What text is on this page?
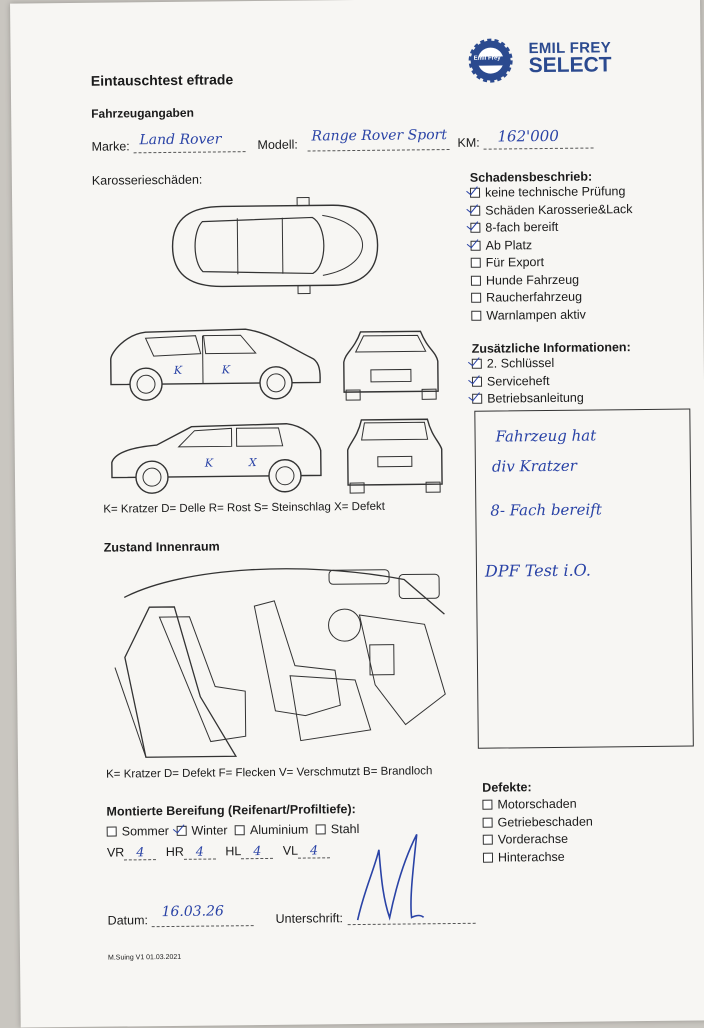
Emil Frey
EMIL FREY
SELECT
Eintauschtest eftrade
Fahrzeugangaben
Marke: Land Rover	Modell:
Range Rover Sport KM: 162'000
Karosserieschäden:
K	K
K	X
K= Kratzer D= Delle R= Rost S= Steinschlag X= Defekt
Schadensbeschrieb:
keine technische Prüfung
Schäden Karosserie&Lack
8-fach bereift
Ab Platz
Für Export
Hunde Fahrzeug
Raucherfahrzeug
Warnlampen aktiv
Zusätzliche Informationen:
2. Schlüssel
Serviceheft
Betriebsanleitung
Fahrzeug hat
div Kratzer
8- Fach bereift
DPF Test i.O.
Zustand Innenraum
K= Kratzer D= Defekt F= Flecken V= Verschmutzt B= Brandloch
Montierte Bereifung (Reifenart/Profiltiefe):
Sommer Winter Aluminium Stahl
VR 4 HR 4 HL 4 VL 4
Defekte:
Motorschaden
Getriebeschaden
Vorderachse
Hinterachse
Datum:
16.03.26	Unterschrift:
M.Suing V1 01.03.2021
